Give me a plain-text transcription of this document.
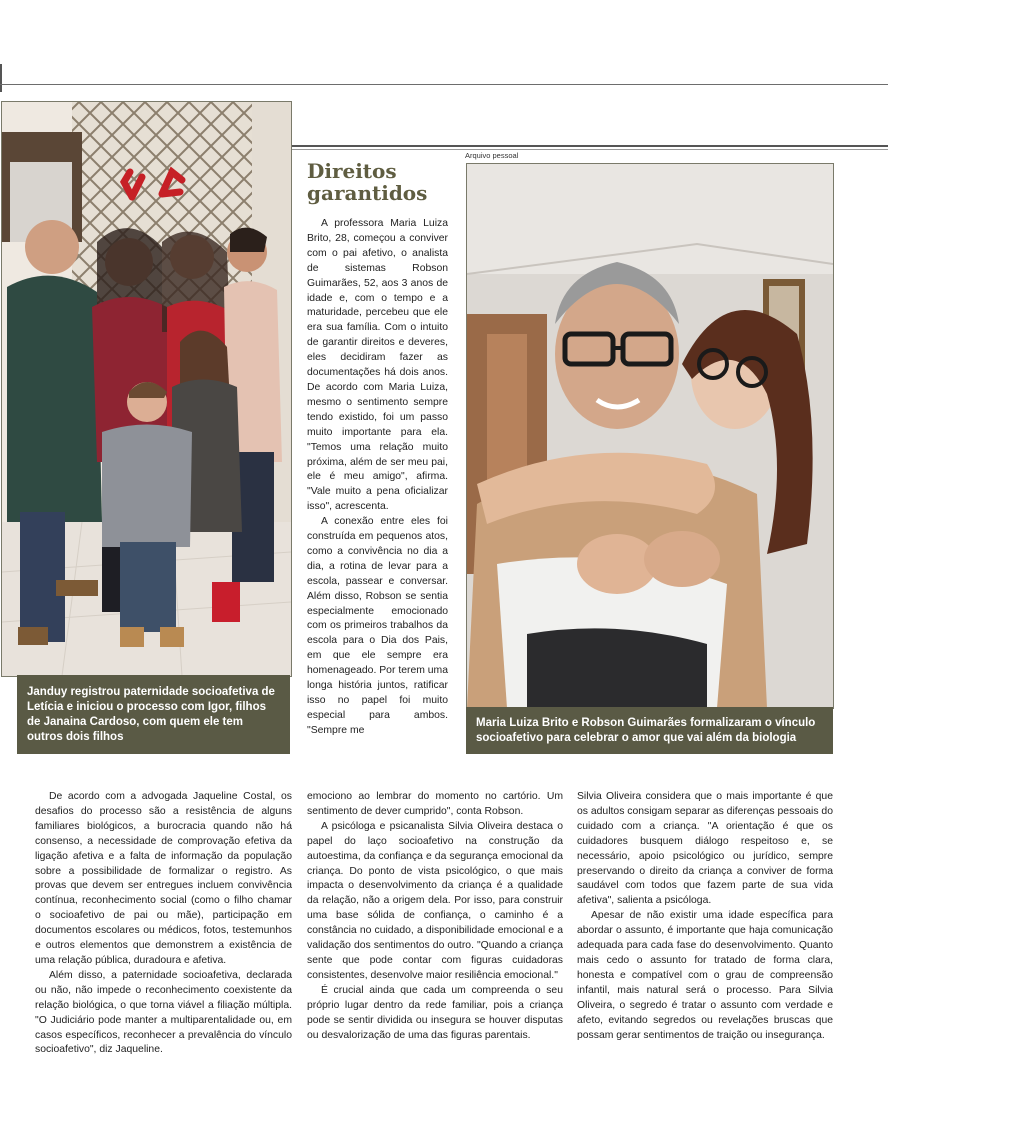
Janduy registrou paternidade socioafetiva de Letícia e iniciou o processo com Igor, filhos de Janaina Cardoso, com quem ele tem outros dois filhos
Direitos
garantidos

A professora Maria Luiza Brito, 28, começou a conviver com o pai afetivo, o analista de sistemas Robson Guimarães, 52, aos 3 anos de idade e, com o tempo e a maturidade, percebeu que ele era sua família. Com o intuito de garantir direitos e deveres, eles decidiram fazer as documentações há dois anos. De acordo com Maria Luiza, mesmo o sentimento sempre tendo existido, foi um passo muito importante para ela. "Temos uma relação muito próxima, além de ser meu pai, ele é meu amigo", afirma. "Vale muito a pena oficializar isso", acrescenta.

A conexão entre eles foi construída em pequenos atos, como a convivência no dia a dia, a rotina de levar para a escola, passear e conversar. Além disso, Robson se sentia especialmente emocionado com os primeiros trabalhos da escola para o Dia dos Pais, em que ele sempre era homenageado. Por terem uma longa história juntos, ratificar isso no papel foi muito especial para ambos. "Sempre me

Arquivo pessoal
Maria Luiza Brito e Robson Guimarães formalizaram o vínculo socioafetivo para celebrar o amor que vai além da biologia

De acordo com a advogada Jaqueline Costal, os desafios do processo são a resistência de alguns familiares biológicos, a burocracia quando não há consenso, a necessidade de comprovação efetiva da ligação afetiva e a falta de informação da população sobre a possibilidade de formalizar o registro. As provas que devem ser entregues incluem convivência contínua, reconhecimento social (como o filho chamar o socioafetivo de pai ou mãe), participação em documentos escolares ou médicos, fotos, testemunhos e outros elementos que demonstrem a existência de uma relação pública, duradoura e afetiva.

Além disso, a paternidade socioafetiva, declarada ou não, não impede o reconhecimento coexistente da relação biológica, o que torna viável a filiação múltipla. "O Judiciário pode manter a multiparentalidade ou, em casos específicos, reconhecer a prevalência do vínculo socioafetivo", diz Jaqueline.

emociono ao lembrar do momento no cartório. Um sentimento de dever cumprido", conta Robson.

A psicóloga e psicanalista Silvia Oliveira destaca o papel do laço socioafetivo na construção da autoestima, da confiança e da segurança emocional da criança. Do ponto de vista psicológico, o que mais impacta o desenvolvimento da criança é a qualidade da relação, não a origem dela. Por isso, para construir uma base sólida de confiança, o caminho é a constância no cuidado, a disponibilidade emocional e a validação dos sentimentos do outro. "Quando a criança sente que pode contar com figuras cuidadoras consistentes, desenvolve maior resiliência emocional."

É crucial ainda que cada um compreenda o seu próprio lugar dentro da rede familiar, pois a criança pode se sentir dividida ou insegura se houver disputas ou desvalorização de uma das figuras parentais.

Silvia Oliveira considera que o mais importante é que os adultos consigam separar as diferenças pessoais do cuidado com a criança. "A orientação é que os cuidadores busquem diálogo respeitoso e, se necessário, apoio psicológico ou jurídico, sempre preservando o direito da criança a conviver de forma saudável com todos que fazem parte de sua vida afetiva", salienta a psicóloga.

Apesar de não existir uma idade específica para abordar o assunto, é importante que haja comunicação adequada para cada fase do desenvolvimento. Quanto mais cedo o assunto for tratado de forma clara, honesta e compatível com o grau de compreensão infantil, mais natural será o processo. Para Silvia Oliveira, o segredo é tratar o assunto com verdade e afeto, evitando segredos ou revelações bruscas que possam gerar sentimentos de traição ou insegurança.
